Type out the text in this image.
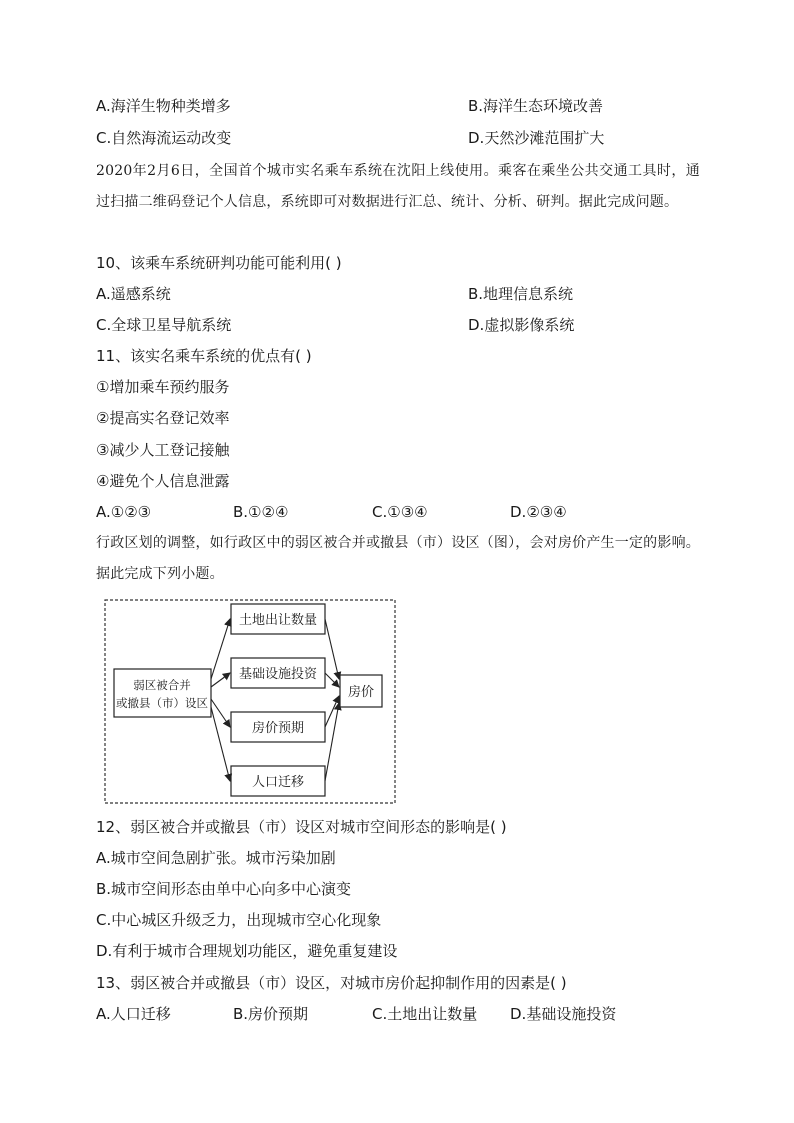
A.海洋生物种类增多	B.海洋生态环境改善
C.自然海流运动改变	D.天然沙滩范围扩大
2020年2月6日，全国首个城市实名乘车系统在沈阳上线使用。乘客在乘坐公共交通工具时，通过扫描二维码登记个人信息，系统即可对数据进行汇总、统计、分析、研判。据此完成问题。
10、该乘车系统研判功能可能利用( )
A.遥感系统	B.地理信息系统
C.全球卫星导航系统	D.虚拟影像系统
11、该实名乘车系统的优点有( )
①增加乘车预约服务
②提高实名登记效率
③减少人工登记接触
④避免个人信息泄露
A.①②③	B.①②④	C.①③④	D.②③④
行政区划的调整，如行政区中的弱区被合并或撤县（市）设区（图），会对房价产生一定的影响。据此完成下列小题。
弱区被合并
或撤县（市）设区
土地出让数量
基础设施投资
房价预期
人口迁移
房价
12、弱区被合并或撤县（市）设区对城市空间形态的影响是( )
A.城市空间急剧扩张。城市污染加剧
B.城市空间形态由单中心向多中心演变
C.中心城区升级乏力，出现城市空心化现象
D.有利于城市合理规划功能区，避免重复建设
13、弱区被合并或撤县（市）设区，对城市房价起抑制作用的因素是( )
A.人口迁移	B.房价预期	C.土地出让数量 D.基础设施投资
